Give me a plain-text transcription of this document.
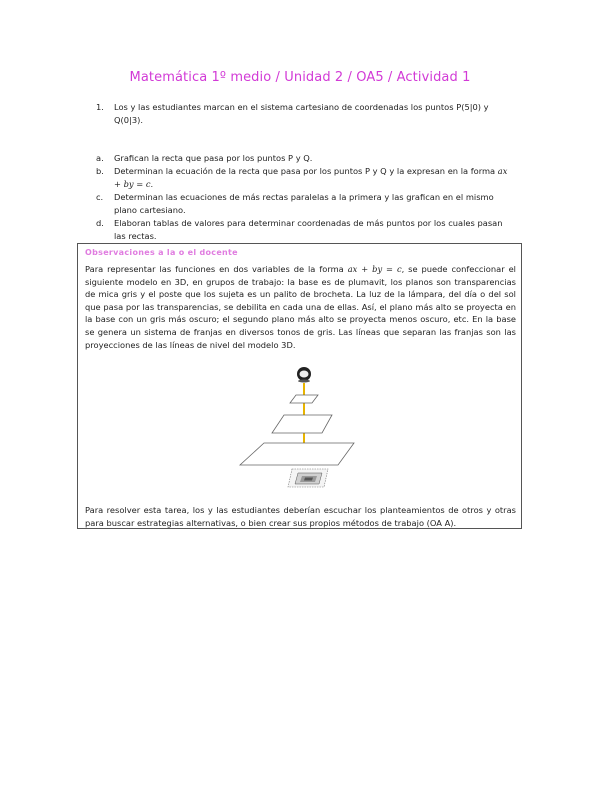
Matemática 1º medio / Unidad 2 / OA5 / Actividad 1
1. Los y las estudiantes marcan en el sistema cartesiano de coordenadas los puntos P(5|0) y Q(0|3).
a. Grafican la recta que pasa por los puntos P y Q.
b. Determinan la ecuación de la recta que pasa por los puntos P y Q y la expresan en la forma ax + by = c.
c. Determinan las ecuaciones de más rectas paralelas a la primera y las grafican en el mismo plano cartesiano.
d. Elaboran tablas de valores para determinar coordenadas de más puntos por los cuales pasan las rectas.
Observaciones a la o el docente
Para representar las funciones en dos variables de la forma ax + by = c, se puede confeccionar el siguiente modelo en 3D, en grupos de trabajo: la base es de plumavit, los planos son transparencias de mica gris y el poste que los sujeta es un palito de brocheta. La luz de la lámpara, del día o del sol que pasa por las transparencias, se debilita en cada una de ellas. Así, el plano más alto se proyecta en la base con un gris más oscuro; el segundo plano más alto se proyecta menos oscuro, etc. En la base se genera un sistema de franjas en diversos tonos de gris. Las líneas que separan las franjas son las proyecciones de las líneas de nivel del modelo 3D.
Para resolver esta tarea, los y las estudiantes deberían escuchar los planteamientos de otros y otras para buscar estrategias alternativas, o bien crear sus propios métodos de trabajo (OA A).
